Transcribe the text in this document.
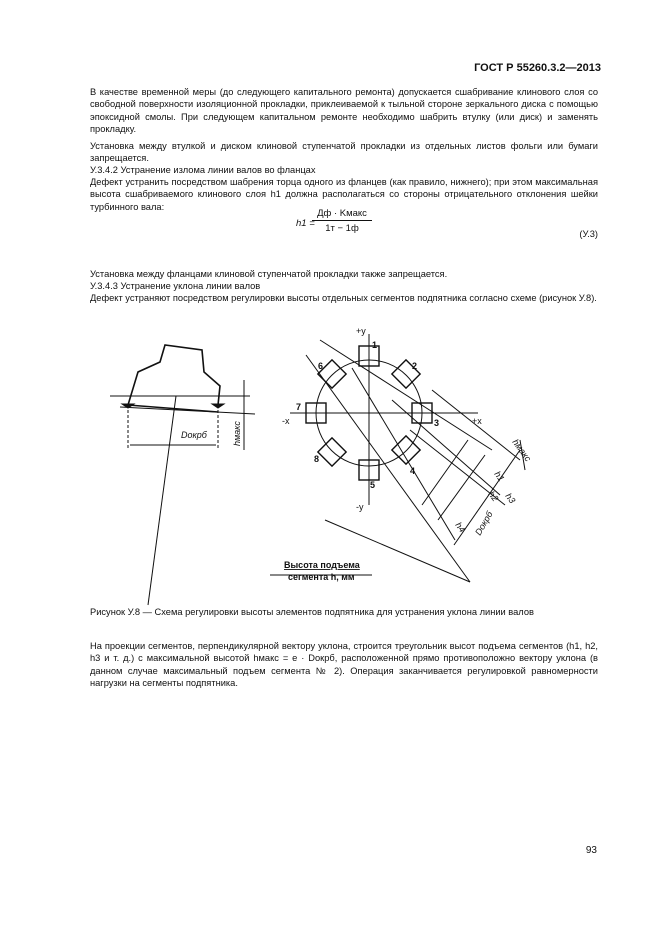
ГОСТ Р 55260.3.2—2013

В качестве временной меры (до следующего капитального ремонта) допускается сшабривание клинового слоя со свободной поверхности изоляционной прокладки, приклеиваемой к тыльной стороне зеркального диска с помощью эпоксидной смолы. При следующем капитальном ремонте необходимо шабрить втулку (или диск) и заменять прокладку.

Установка между втулкой и диском клиновой ступенчатой прокладки из отдельных листов фольги или бумаги запрещается.

У.3.4.2 Устранение излома линии валов во фланцах

Дефект устранить посредством шабрения торца одного из фланцев (как правило, нижнего); при этом максимальная высота сшабриваемого клинового слоя h1 должна располагаться со стороны отрицательного отклонения шейки турбинного вала:

h1 =
Дф · Kмакс
1т − 1ф	(У.3)

Установка между фланцами клиновой ступенчатой прокладки также запрещается.

У.3.4.3 Устранение уклона линии валов

Дефект устраняют посредством регулировки высоты отдельных сегментов подпятника согласно схеме (рисунок У.8).

Dокрб	hмакс
+y
-y
+x
-x
1
2
3
4
5
6
7
8	hмакс
h1
h2 h3
h4 Dокрб
Высота подъема
сегмента h, мм
Рисунок У.8 — Схема регулировки высоты элементов подпятника для устранения уклона линии валов

На проекции сегментов, перпендикулярной вектору уклона, строится треугольник высот подъема сегментов (h1, h2, h3 и т. д.) с максимальной высотой hмакс = e · Dокрб, расположенной прямо противоположно вектору уклона (в данном случае максимальный подъем сегмента № 2). Операция заканчивается регулировкой равномерности нагрузки на сегменты подпятника.

93
